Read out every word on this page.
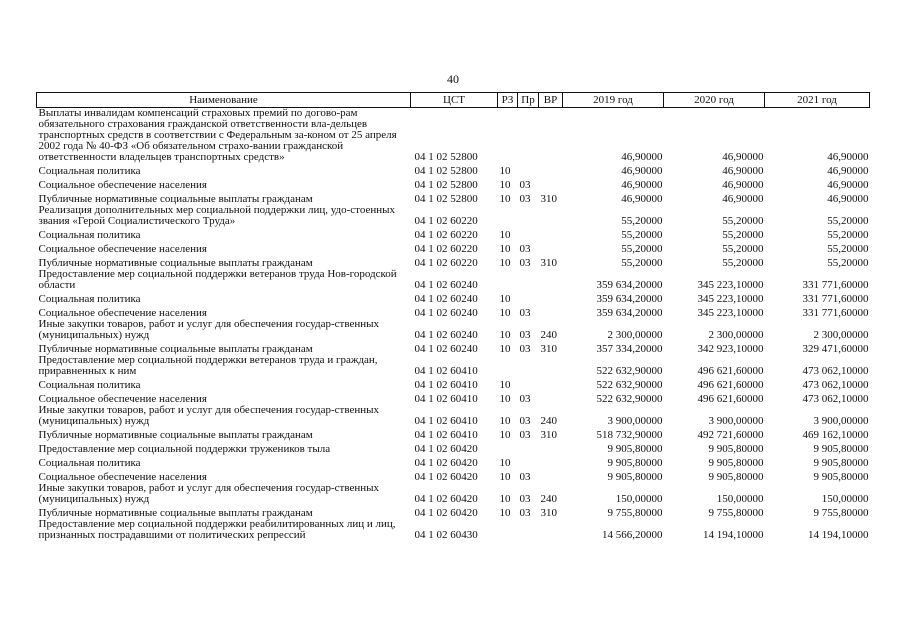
40
Наименование	ЦСТ	РЗ	Пр	ВР	2019 год	2020 год	2021 год
Выплаты инвалидам компенсаций страховых премий по догово-рам обязательного страхования гражданской ответственности вла-дельцев транспортных средств в соответствии с Федеральным за-коном от 25 апреля 2002 года № 40-ФЗ «Об обязательном страхо-вании гражданской ответственности владельцев транспортных средств»	04 1 02 52800				46,90000	46,90000	46,90000
Социальная политика	04 1 02 52800	10			46,90000	46,90000	46,90000
Социальное обеспечение населения	04 1 02 52800	10	03		46,90000	46,90000	46,90000
Публичные нормативные социальные выплаты гражданам	04 1 02 52800	10	03	310	46,90000	46,90000	46,90000
Реализация дополнительных мер социальной поддержки лиц, удо-стоенных звания «Герой Социалистического Труда»	04 1 02 60220				55,20000	55,20000	55,20000
Социальная политика	04 1 02 60220	10			55,20000	55,20000	55,20000
Социальное обеспечение населения	04 1 02 60220	10	03		55,20000	55,20000	55,20000
Публичные нормативные социальные выплаты гражданам	04 1 02 60220	10	03	310	55,20000	55,20000	55,20000
Предоставление мер социальной поддержки ветеранов труда Нов-городской области	04 1 02 60240				359 634,20000	345 223,10000	331 771,60000
Социальная политика	04 1 02 60240	10			359 634,20000	345 223,10000	331 771,60000
Социальное обеспечение населения	04 1 02 60240	10	03		359 634,20000	345 223,10000	331 771,60000
Иные закупки товаров, работ и услуг для обеспечения государ-ственных (муниципальных) нужд	04 1 02 60240	10	03	240	2 300,00000	2 300,00000	2 300,00000
Публичные нормативные социальные выплаты гражданам	04 1 02 60240	10	03	310	357 334,20000	342 923,10000	329 471,60000
Предоставление мер социальной поддержки ветеранов труда и граждан, приравненных к ним	04 1 02 60410				522 632,90000	496 621,60000	473 062,10000
Социальная политика	04 1 02 60410	10			522 632,90000	496 621,60000	473 062,10000
Социальное обеспечение населения	04 1 02 60410	10	03		522 632,90000	496 621,60000	473 062,10000
Иные закупки товаров, работ и услуг для обеспечения государ-ственных (муниципальных) нужд	04 1 02 60410	10	03	240	3 900,00000	3 900,00000	3 900,00000
Публичные нормативные социальные выплаты гражданам	04 1 02 60410	10	03	310	518 732,90000	492 721,60000	469 162,10000
Предоставление мер социальной поддержки тружеников тыла	04 1 02 60420				9 905,80000	9 905,80000	9 905,80000
Социальная политика	04 1 02 60420	10			9 905,80000	9 905,80000	9 905,80000
Социальное обеспечение населения	04 1 02 60420	10	03		9 905,80000	9 905,80000	9 905,80000
Иные закупки товаров, работ и услуг для обеспечения государ-ственных (муниципальных) нужд	04 1 02 60420	10	03	240	150,00000	150,00000	150,00000
Публичные нормативные социальные выплаты гражданам	04 1 02 60420	10	03	310	9 755,80000	9 755,80000	9 755,80000
Предоставление мер социальной поддержки реабилитированных лиц и лиц, признанных пострадавшими от политических репрессий	04 1 02 60430				14 566,20000	14 194,10000	14 194,10000
